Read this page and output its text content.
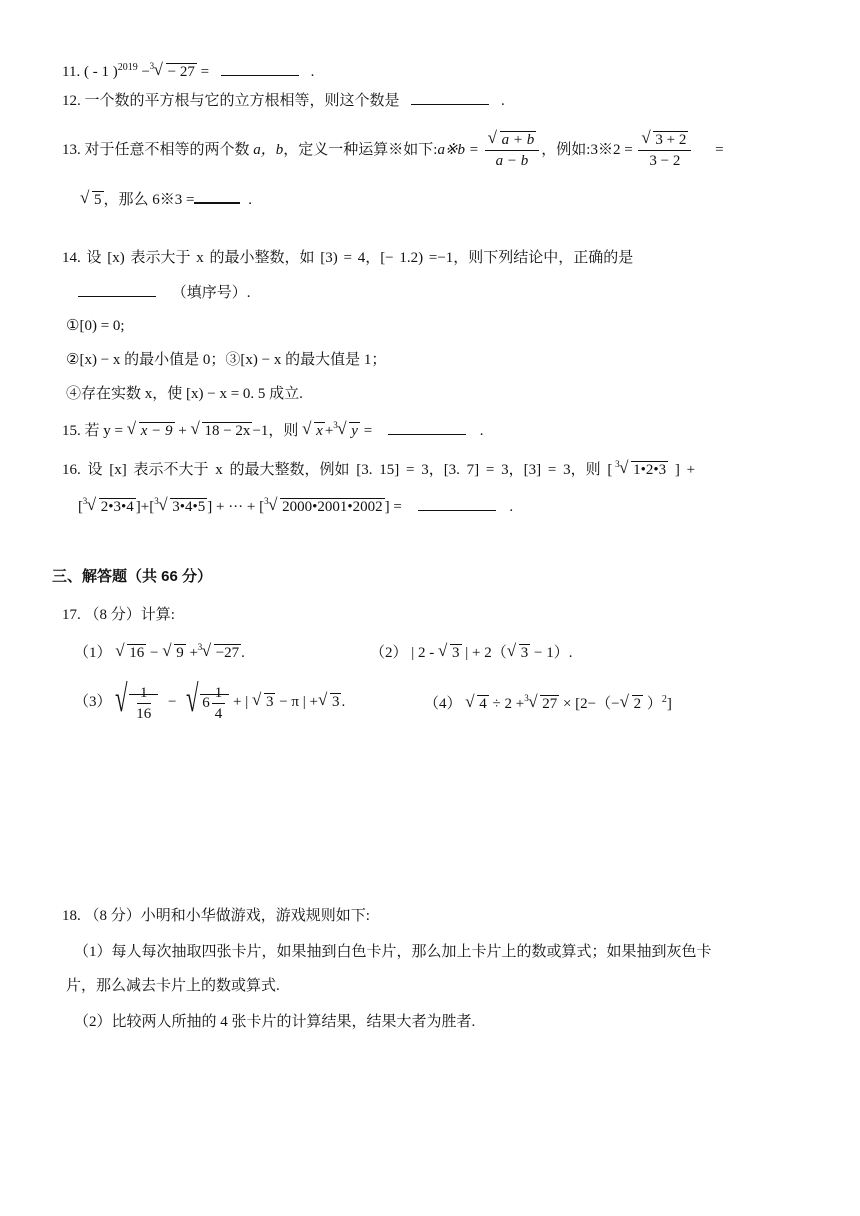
11. ( - 1 )$^{2019}$ − 3 √ − 27 =	.
12. 一个数的平方根与它的立方根相等，则这个数是	.
13. 对于任意不相等的两个数 a，b，定义一种运算※如下:a※b = $\frac{√ a + b}{a - b}$ ，例如:3※2 = $\frac{√ 3 + 2}{3 - 2}$ =
√ 5 ，那么 6※3 =	.
14. 设 [x) 表示大于 x 的最小整数，如 [3) = 4，[− 1.2) =−1，则下列结论中，正确的是
（填序号）.
①[0) = 0;
②[x) − x 的最小值是 0；③[x) − x 的最大值是 1；
④存在实数 x，使 [x) − x = 0. 5 成立.
15. 若 y = √ x − 9 + √ 18 − 2x −1，则 √ x + 3 √ y =	.
16. 设 [x] 表示不大于 x 的最大整数，例如 [3. 15] = 3，[3. 7] = 3，[3] = 3，则 [ 3 √ 1•2•3 ] +
[ 3 √ 2•3•4 ]+[ 3 √ 3•4•5 ] + ··· + [ 3 √ 2000•2001•2002 ] =	.
三、解答题（共 66 分）
17. （8 分）计算:
（1） √ 16 − √ 9 + 3 √ −27 .	（2） | 2 - √ 3 | + 2（ √ 3 − 1）.
（3） √ $\frac{1}{16}$ − √ $6 \frac{1}{4}$ + | √ 3 − π | + √ 3 .	（4） √ 4 ÷ 2 + 3 √ 27 × [2−（− √ 2 ）$^2$]
18. （8 分）小明和小华做游戏，游戏规则如下:
（1）每人每次抽取四张卡片，如果抽到白色卡片，那么加上卡片上的数或算式；如果抽到灰色卡
片，那么减去卡片上的数或算式.
（2）比较两人所抽的 4 张卡片的计算结果，结果大者为胜者.
